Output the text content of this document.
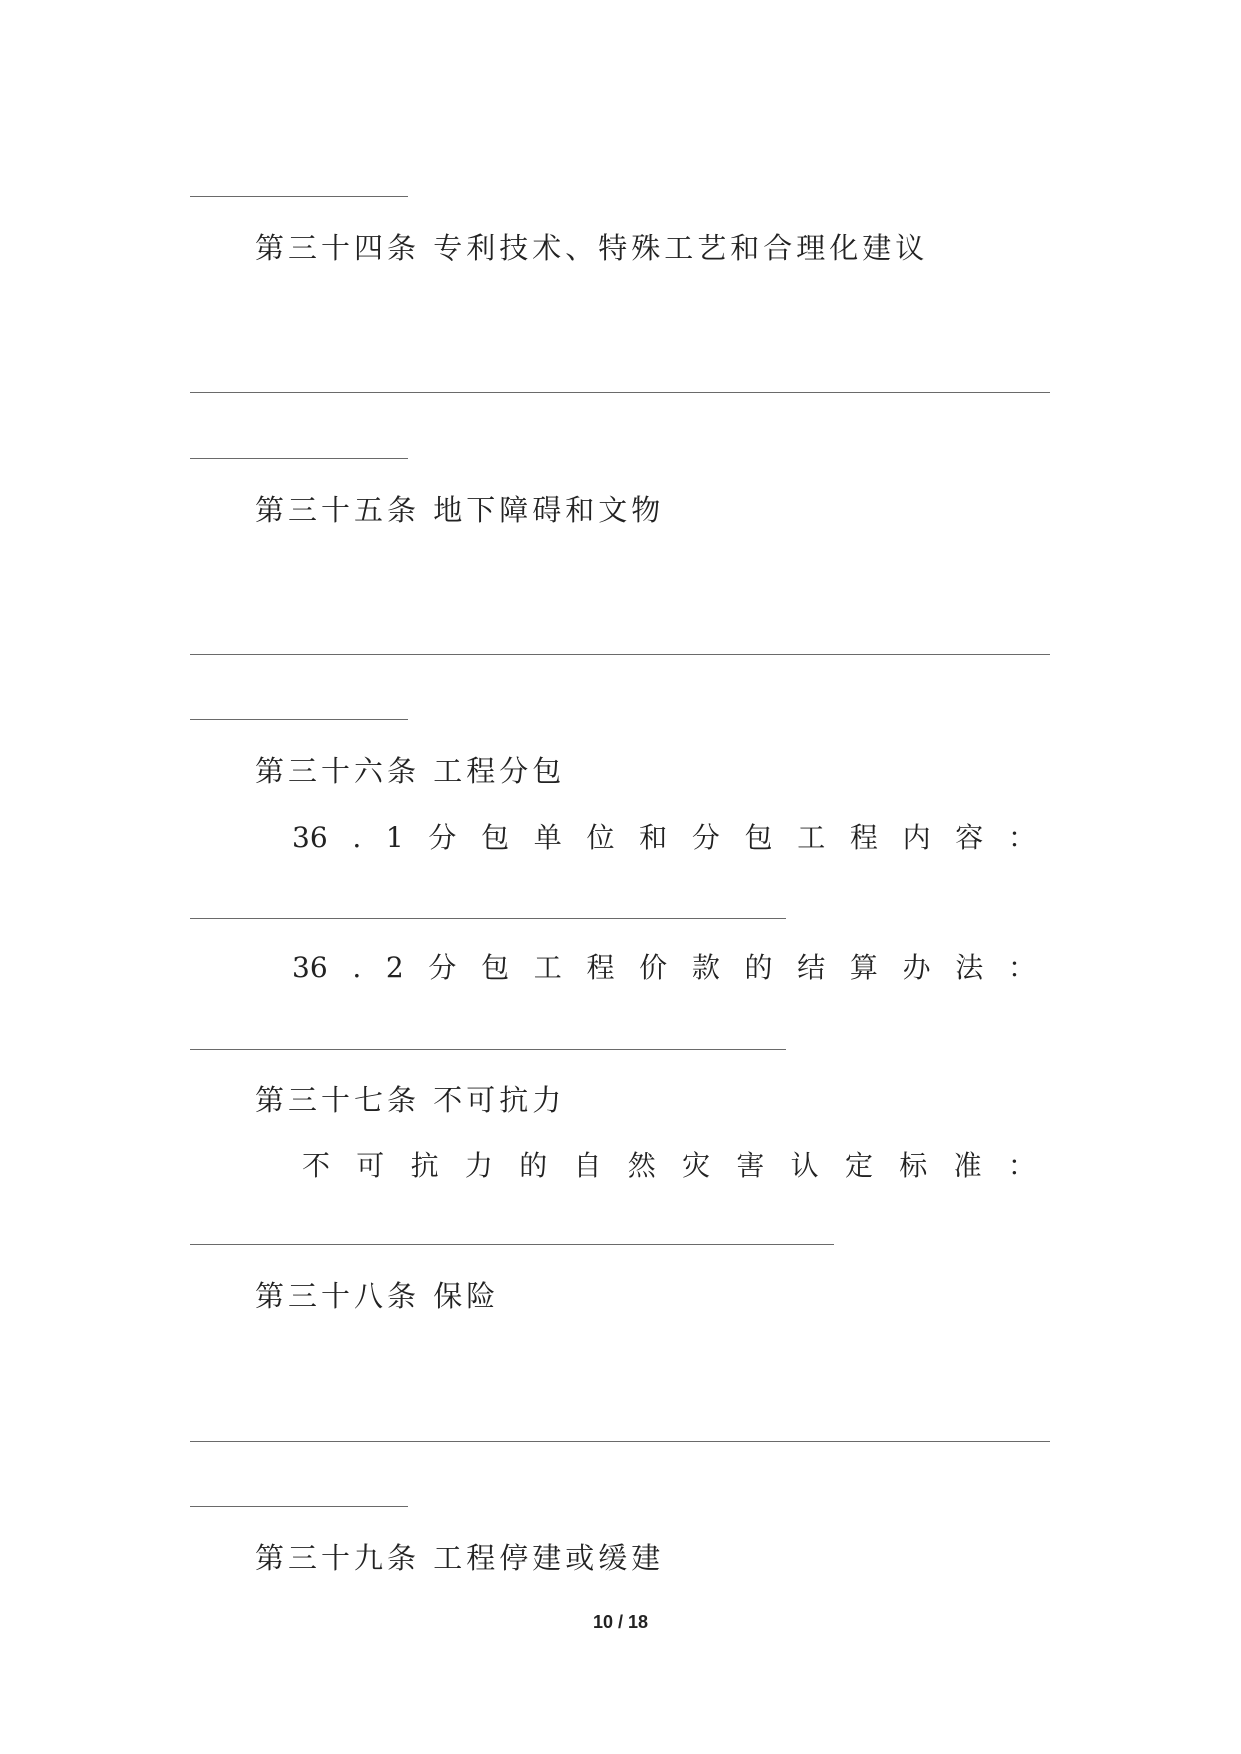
第三十四条 专利技术、特殊工艺和合理化建议
第三十五条 地下障碍和文物
第三十六条 工程分包
36 . 1 分 包 单 位 和 分 包 工 程 内 容 ：
36 . 2 分 包 工 程 价 款 的 结 算 办 法 ：
第三十七条 不可抗力
不 可 抗 力 的 自 然 灾 害 认 定 标 准 ：
第三十八条 保险
第三十九条 工程停建或缓建
10 / 18
